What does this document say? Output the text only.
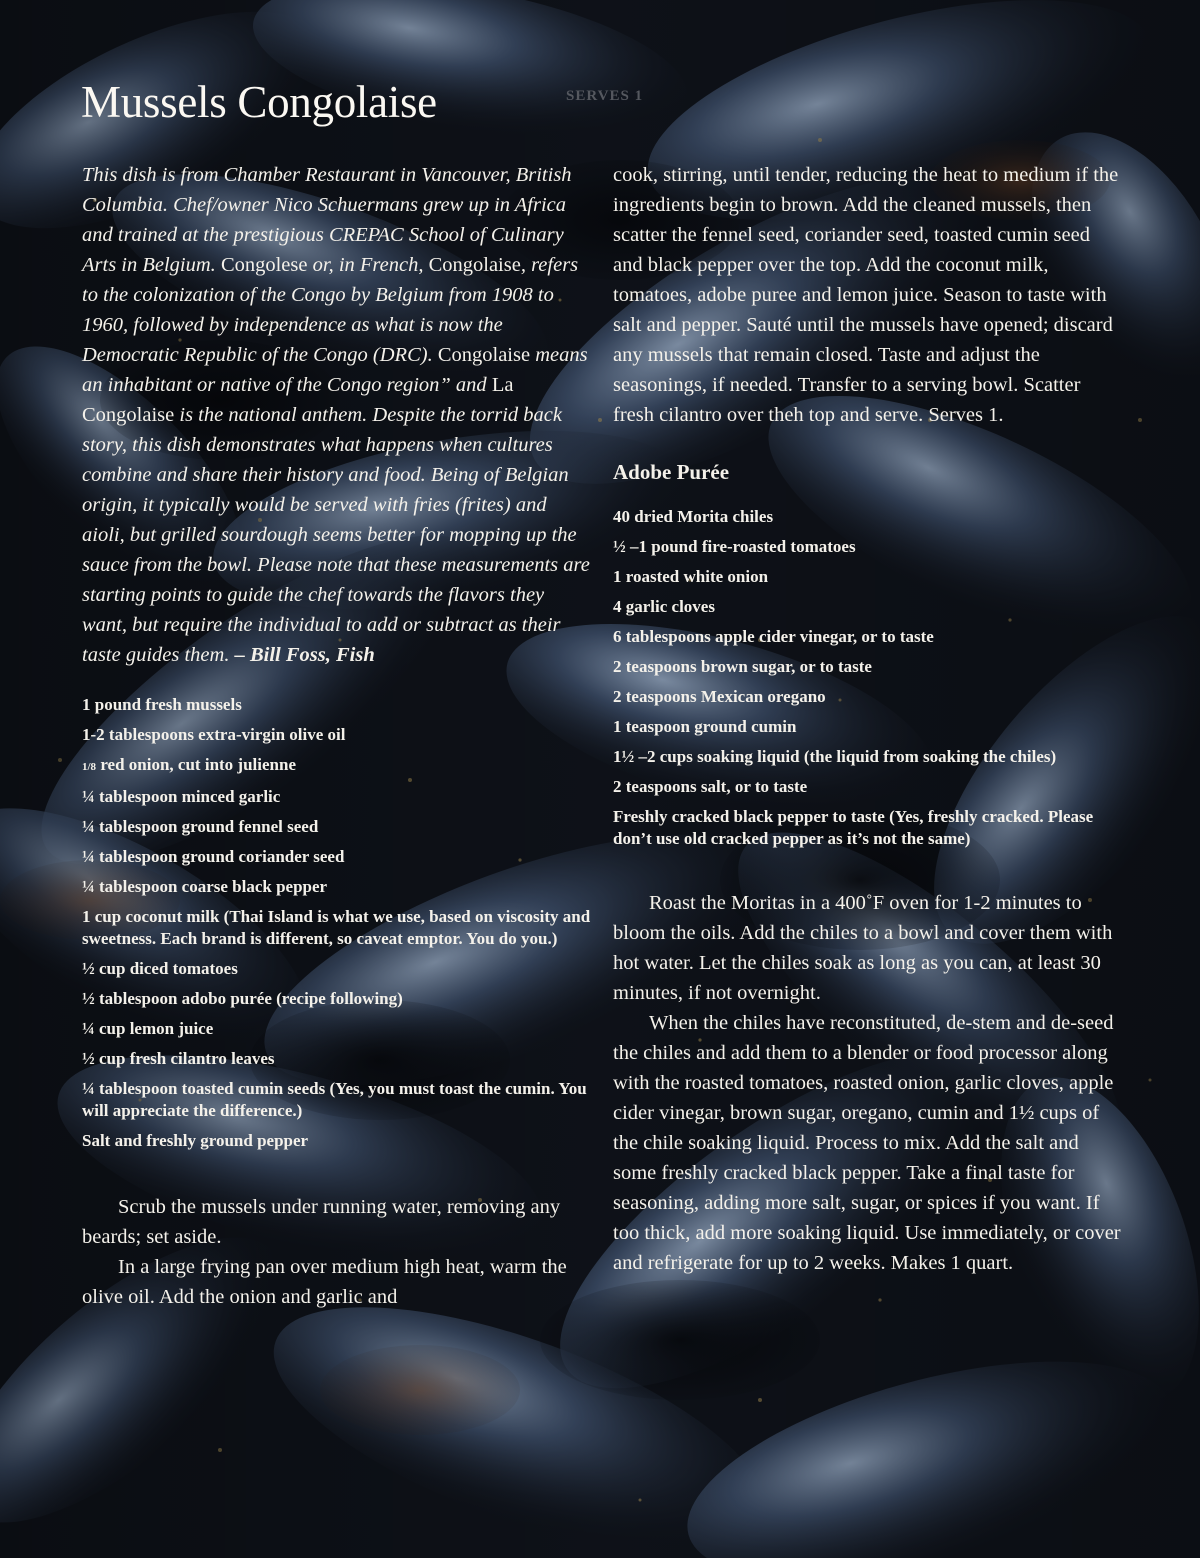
Mussels Congolaise	SERVES 1

This dish is from Chamber Restaurant in Vancouver, British Columbia. Chef/owner Nico Schuermans grew up in Africa and trained at the prestigious CREPAC School of Culinary Arts in Belgium. Congolese or, in French, Congolaise, refers to the colonization of the Congo by Belgium from 1908 to 1960, followed by independence as what is now the Democratic Republic of the Congo (DRC). Congolaise means an inhabitant or native of the Congo region” and La Congolaise is the national anthem. Despite the torrid back story, this dish demonstrates what happens when cultures combine and share their history and food. Being of Belgian origin, it typically would be served with fries (frites) and aioli, but grilled sourdough seems better for mopping up the sauce from the bowl. Please note that these measurements are starting points to guide the chef towards the flavors they want, but require the individual to add or subtract as their taste guides them. – Bill Foss, Fish

1 pound fresh mussels
1-2 tablespoons extra-virgin olive oil
1/8 red onion, cut into julienne
¼ tablespoon minced garlic
¼ tablespoon ground fennel seed
¼ tablespoon ground coriander seed
¼ tablespoon coarse black pepper
1 cup coconut milk (Thai Island is what we use, based on viscosity and sweetness. Each brand is different, so caveat emptor. You do you.)
½ cup diced tomatoes
½ tablespoon adobo purée (recipe following)
¼ cup lemon juice
½ cup fresh cilantro leaves
¼ tablespoon toasted cumin seeds (Yes, you must toast the cumin. You will appreciate the difference.)
Salt and freshly ground pepper

Scrub the mussels under running water, removing any beards; set aside.

In a large frying pan over medium high heat, warm the olive oil. Add the onion and garlic and

cook, stirring, until tender, reducing the heat to medium if the ingredients begin to brown. Add the cleaned mussels, then scatter the fennel seed, coriander seed, toasted cumin seed and black pepper over the top. Add the coconut milk, tomatoes, adobe puree and lemon juice. Season to taste with salt and pepper. Sauté until the mussels have opened; discard any mussels that remain closed. Taste and adjust the seasonings, if needed. Transfer to a serving bowl. Scatter fresh cilantro over theh top and serve. Serves 1.

Adobe Purée
40 dried Morita chiles
½ –1 pound fire-roasted tomatoes
1 roasted white onion
4 garlic cloves
6 tablespoons apple cider vinegar, or to taste
2 teaspoons brown sugar, or to taste
2 teaspoons Mexican oregano
1 teaspoon ground cumin
1½ –2 cups soaking liquid (the liquid from soaking the chiles)
2 teaspoons salt, or to taste
Freshly cracked black pepper to taste (Yes, freshly cracked. Please don’t use old cracked pepper as it’s not the same)

Roast the Moritas in a 400˚F oven for 1-2 minutes to bloom the oils. Add the chiles to a bowl and cover them with hot water. Let the chiles soak as long as you can, at least 30 minutes, if not overnight.

When the chiles have reconstituted, de-stem and de-seed the chiles and add them to a blender or food processor along with the roasted tomatoes, roasted onion, garlic cloves, apple cider vinegar, brown sugar, oregano, cumin and 1½ cups of the chile soaking liquid. Process to mix. Add the salt and some freshly cracked black pepper. Take a final taste for seasoning, adding more salt, sugar, or spices if you want. If too thick, add more soaking liquid. Use immediately, or cover and refrigerate for up to 2 weeks. Makes 1 quart.
